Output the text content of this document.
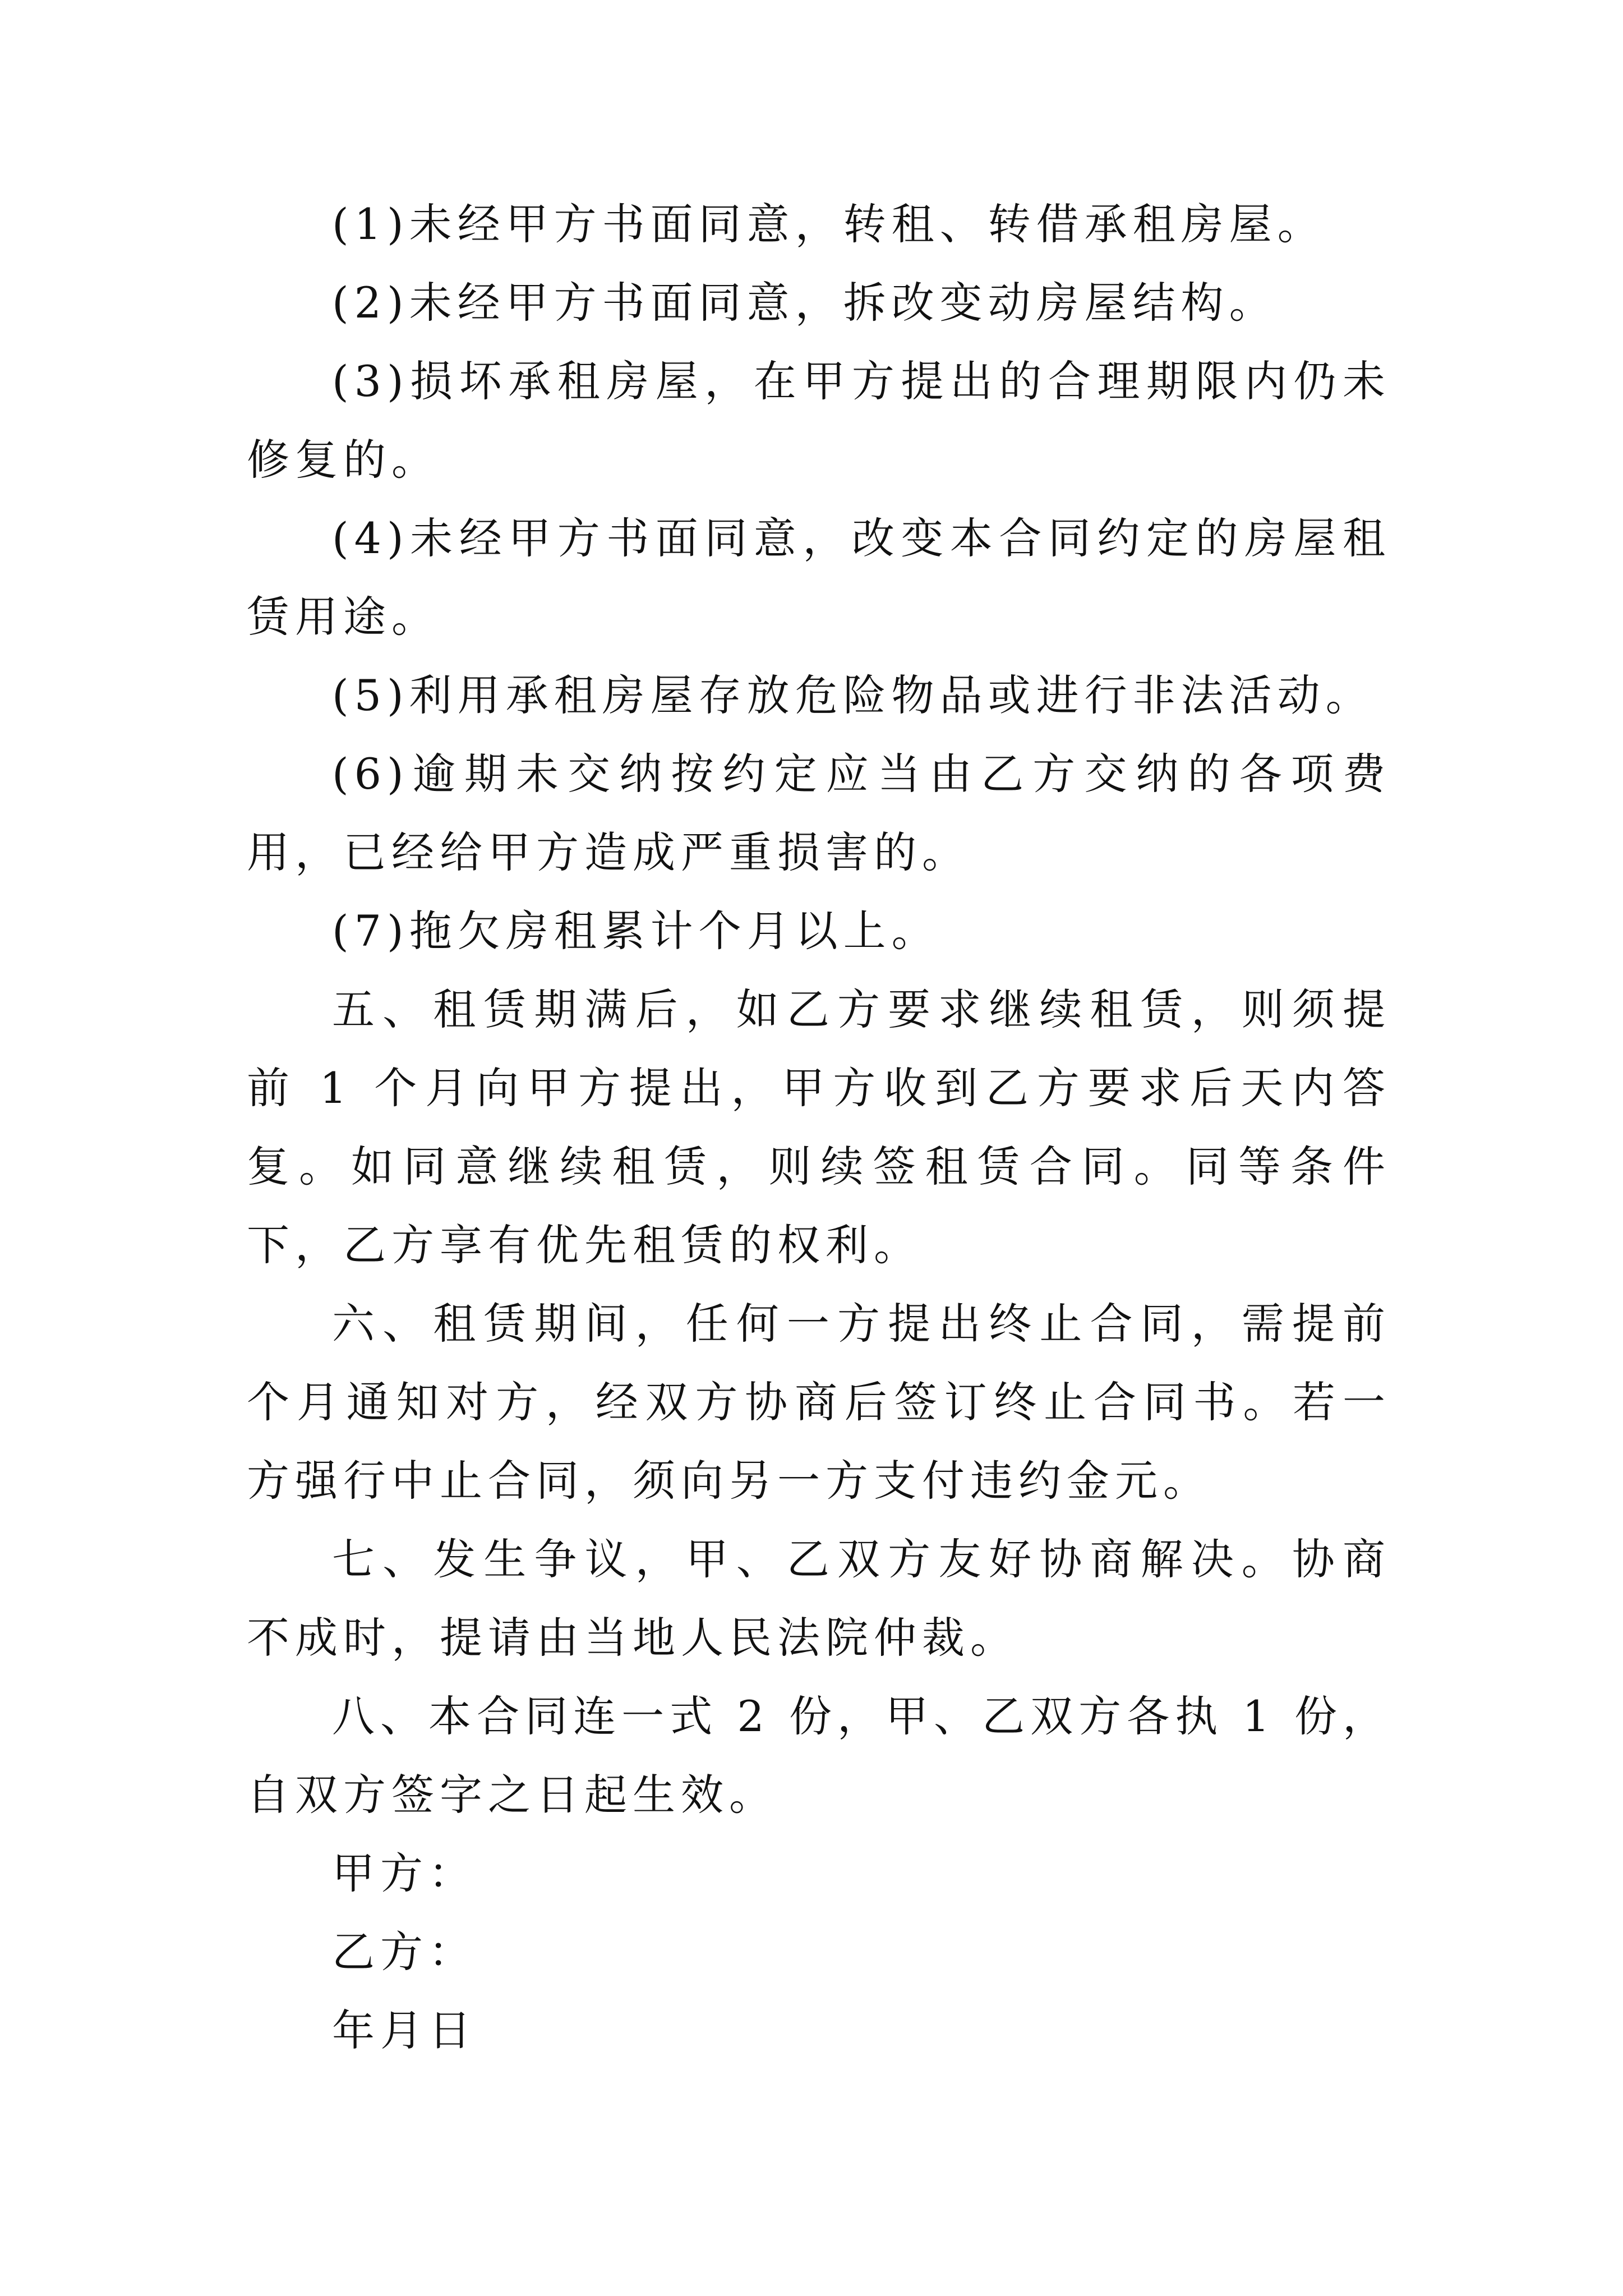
(1)未经甲方书面同意，转租、转借承租房屋。

(2)未经甲方书面同意，拆改变动房屋结构。

(3)损坏承租房屋，在甲方提出的合理期限内仍未修复的。

(4)未经甲方书面同意，改变本合同约定的房屋租赁用途。

(5)利用承租房屋存放危险物品或进行非法活动。

(6)逾期未交纳按约定应当由乙方交纳的各项费用，已经给甲方造成严重损害的。

(7)拖欠房租累计个月以上。

五、租赁期满后，如乙方要求继续租赁，则须提前 1 个月向甲方提出，甲方收到乙方要求后天内答复。如同意继续租赁，则续签租赁合同。同等条件下，乙方享有优先租赁的权利。

六、租赁期间，任何一方提出终止合同，需提前个月通知对方，经双方协商后签订终止合同书。若一方强行中止合同，须向另一方支付违约金元。

七、发生争议，甲、乙双方友好协商解决。协商不成时，提请由当地人民法院仲裁。

八、本合同连一式 2 份，甲、乙双方各执 1 份，自双方签字之日起生效。

甲方：

乙方：

年月日
